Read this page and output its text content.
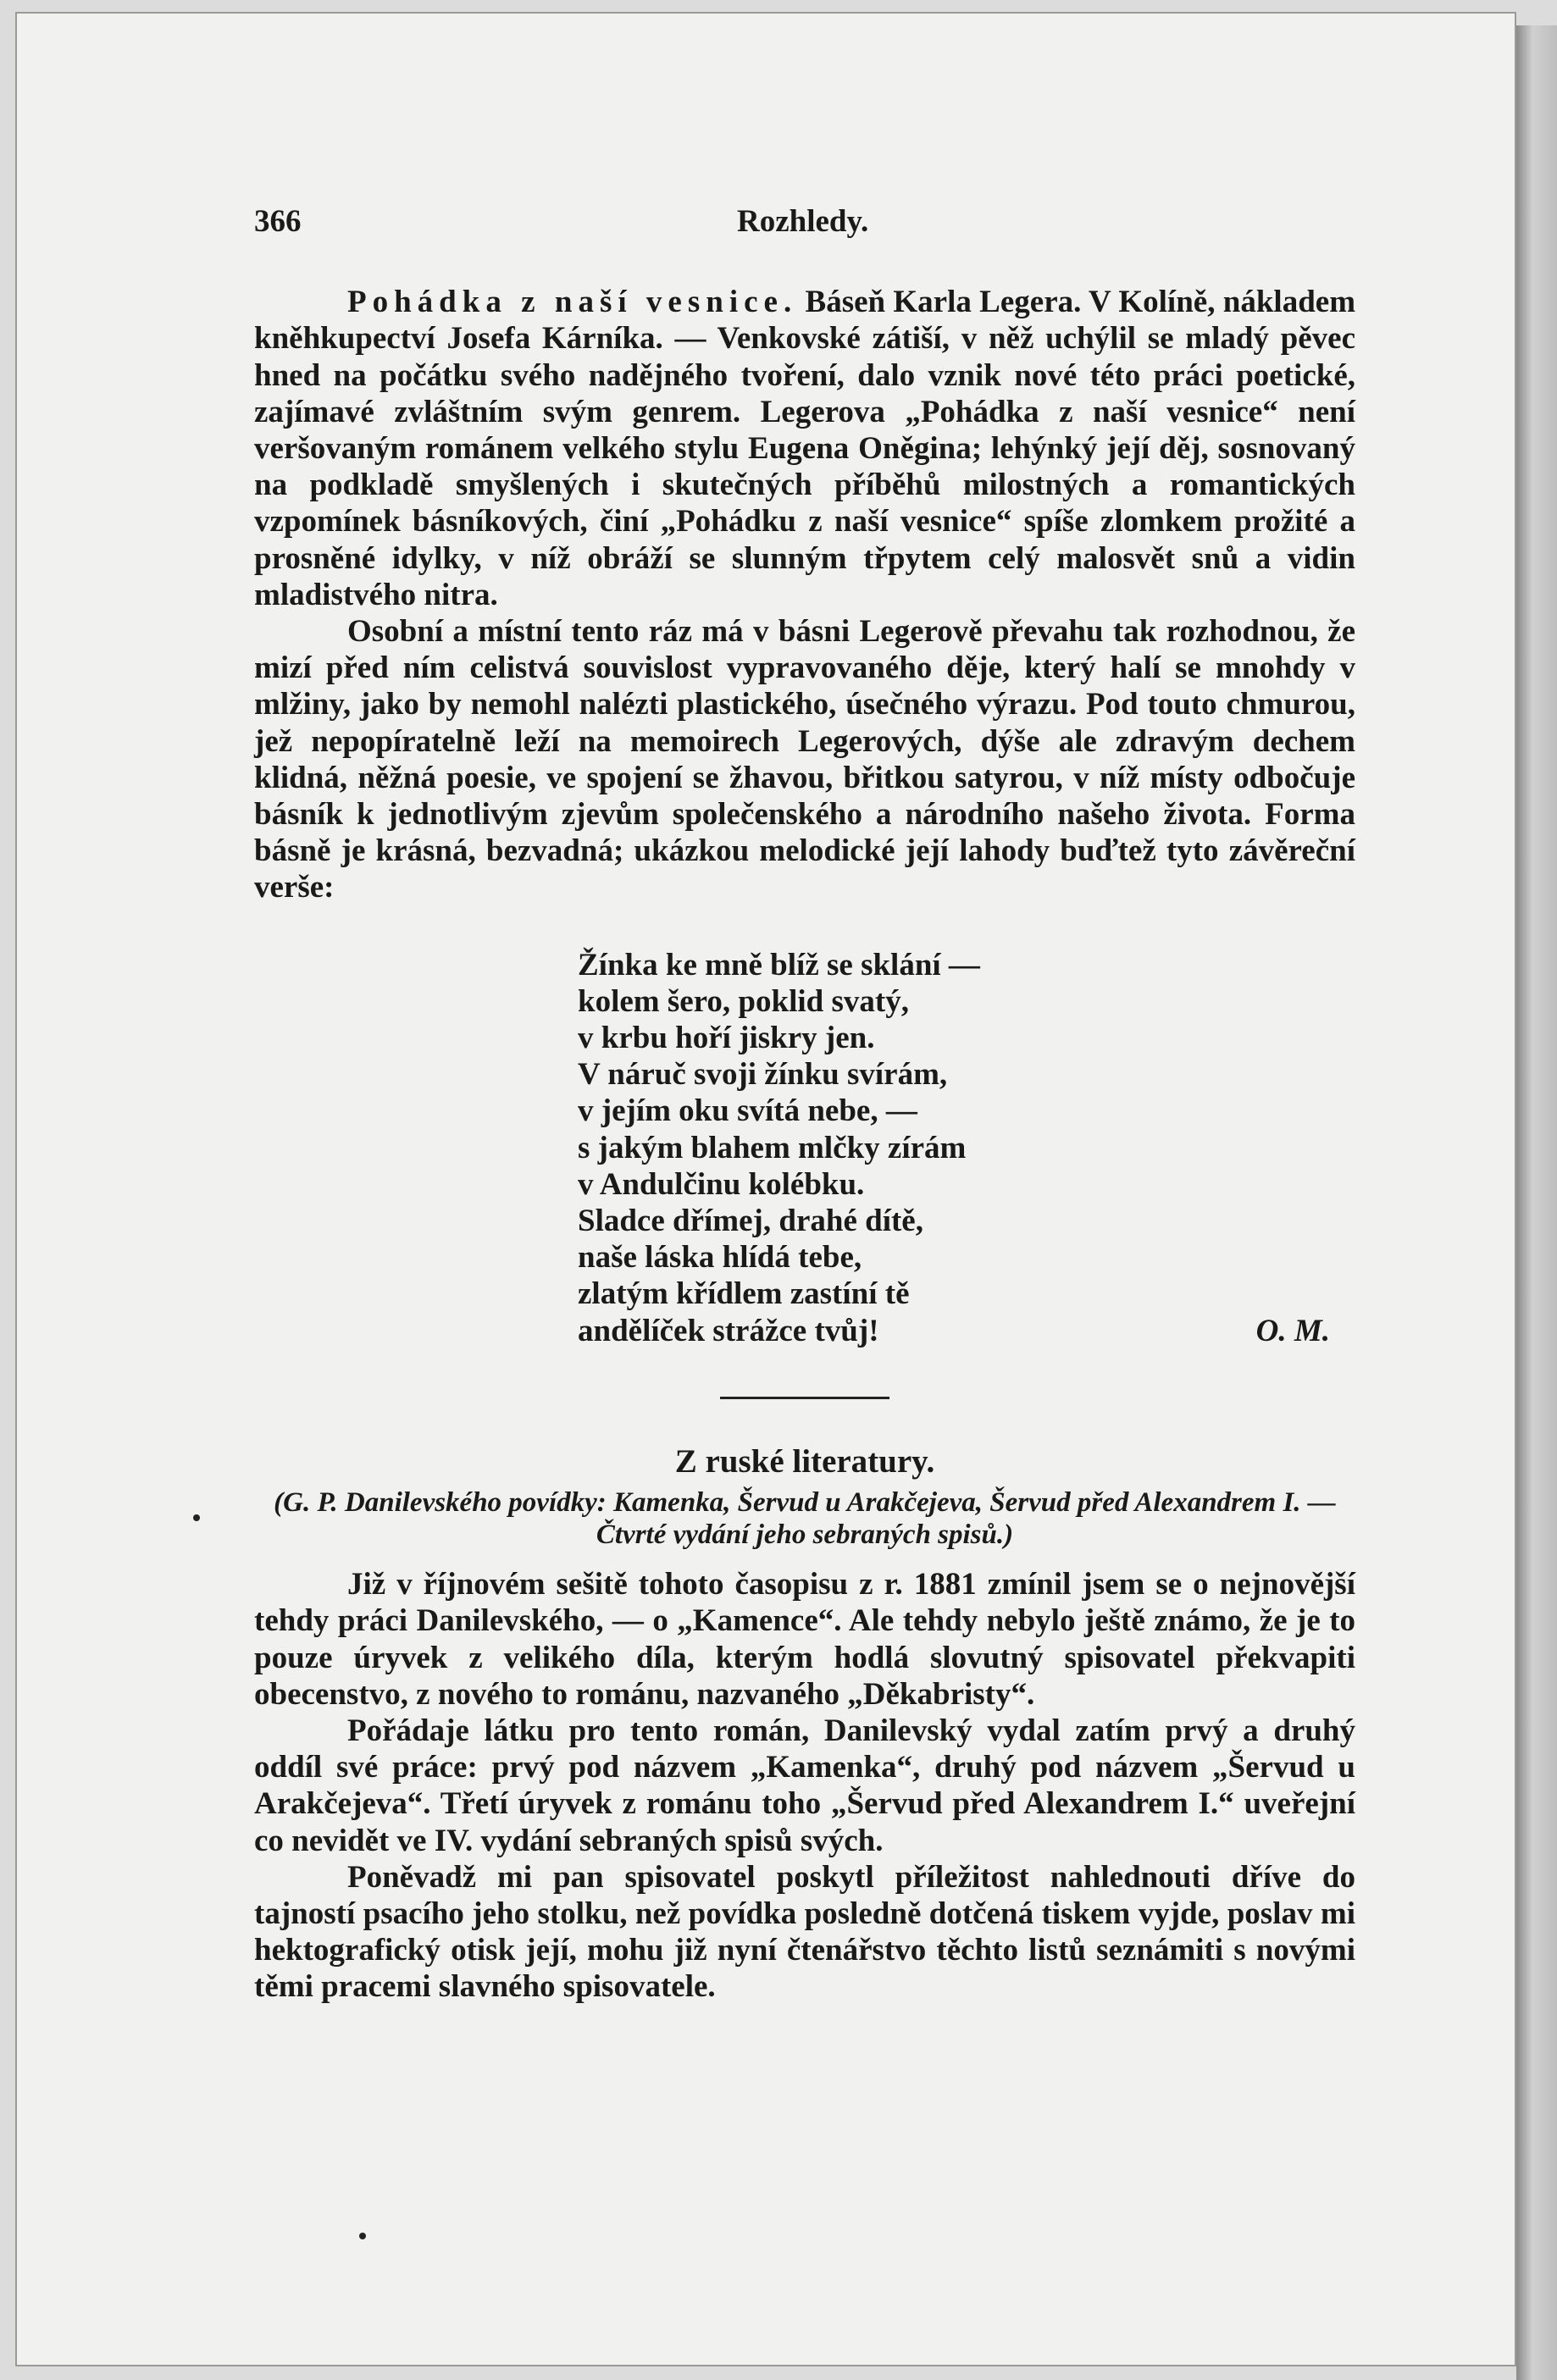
366	Rozhledy.

Pohádka z naší vesnice. Báseň Karla Legera. V Kolíně, nákladem kněhkupectví Josefa Kárníka. — Venkovské zátiší, v něž uchýlil se mladý pěvec hned na počátku svého nadějného tvoření, dalo vznik nové této práci poetické, zajímavé zvláštním svým genrem. Legerova „Pohádka z naší vesnice“ není veršovaným románem velkého stylu Eugena Oněgina; lehýnký její děj, sosnovaný na podkladě smyšlených i skutečných příběhů milostných a romantických vzpomínek básníkových, činí „Pohádku z naší vesnice“ spíše zlomkem prožité a prosněné idylky, v níž obráží se slunným třpytem celý malosvět snů a vidin mladistvého nitra.

Osobní a místní tento ráz má v básni Legerově převahu tak rozhodnou, že mizí před ním celistvá souvislost vypravovaného děje, který halí se mnohdy v mlžiny, jako by nemohl nalézti plastického, úsečného výrazu. Pod touto chmurou, jež nepopíratelně leží na memoirech Legerových, dýše ale zdravým dechem klidná, něžná poesie, ve spojení se žhavou, břitkou satyrou, v níž místy odbočuje básník k jednotlivým zjevům společenského a národního našeho života. Forma básně je krásná, bezvadná; ukázkou melodické její lahody buďtež tyto závěreční verše:

Žínka ke mně blíž se sklání —
kolem šero, poklid svatý,
v krbu hoří jiskry jen.
V náruč svoji žínku svírám,
v jejím oku svítá nebe, —
s jakým blahem mlčky zírám
v Andulčinu kolébku.
Sladce dřímej, drahé dítě,
naše láska hlídá tebe,
zlatým křídlem zastíní tě
andělíček strážce tvůj!	O. M.
Z ruské literatury.

(G. P. Danilevského povídky: Kamenka, Šervud u Arakčejeva, Šervud před Alexandrem I. — Čtvrté vydání jeho sebraných spisů.)

Již v říjnovém sešitě tohoto časopisu z r. 1881 zmínil jsem se o nejnovější tehdy práci Danilevského, — o „Kamence“. Ale tehdy nebylo ještě známo, že je to pouze úryvek z velikého díla, kterým hodlá slovutný spisovatel překvapiti obecenstvo, z nového to románu, nazvaného „Děkabristy“.

Pořádaje látku pro tento román, Danilevský vydal zatím prvý a druhý oddíl své práce: prvý pod názvem „Kamenka“, druhý pod názvem „Šervud u Arakčejeva“. Třetí úryvek z románu toho „Šervud před Alexandrem I.“ uveřejní co nevidět ve IV. vydání sebraných spisů svých.

Poněvadž mi pan spisovatel poskytl příležitost nahlednouti dříve do tajností psacího jeho stolku, než povídka posledně dotčená tiskem vyjde, poslav mi hektografický otisk její, mohu již nyní čtenářstvo těchto listů seznámiti s novými těmi pracemi slavného spisovatele.
